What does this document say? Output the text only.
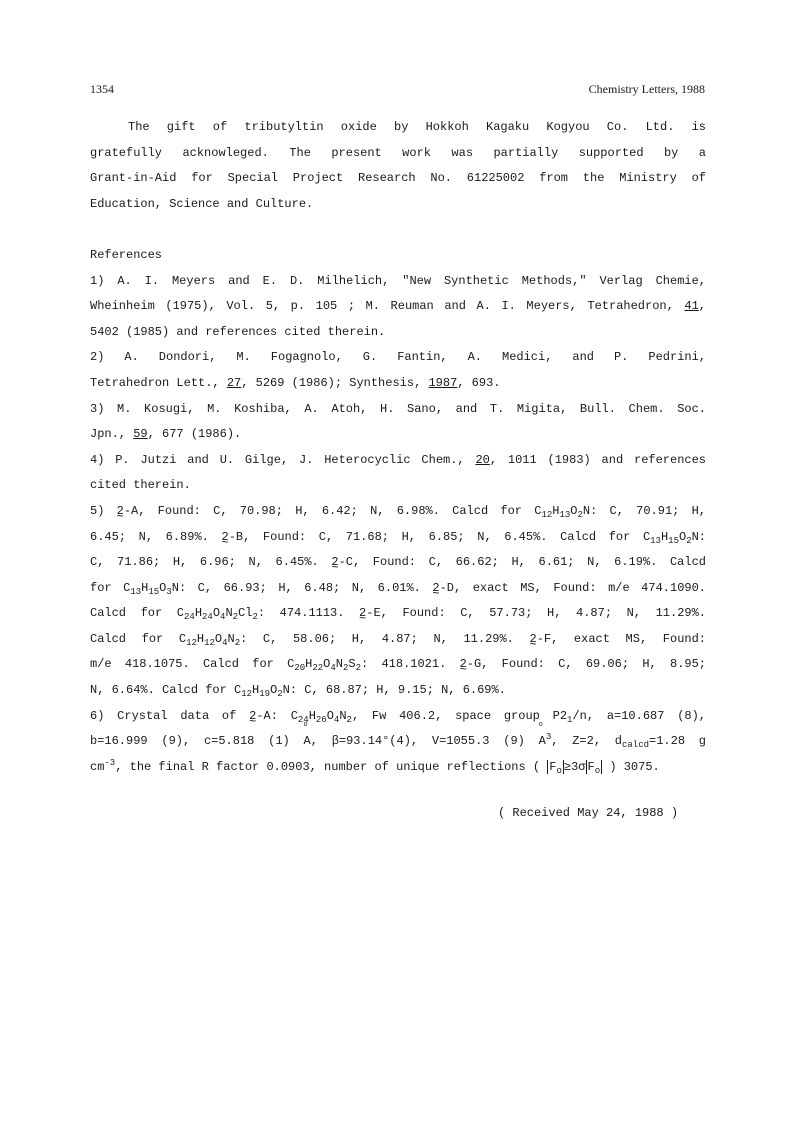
1354	Chemistry Letters, 1988
The gift of tributyltin oxide by Hokkoh Kagaku Kogyou Co. Ltd. is
gratefully acknowleged. The present work was partially supported by a
Grant-in-Aid for Special Project Research No. 61225002 from the Ministry of
Education, Science and Culture.
References
1) A. I. Meyers and E. D. Milhelich, "New Synthetic Methods," Verlag Chemie,
Wheinheim (1975), Vol. 5, p. 105 ; M. Reuman and A. I. Meyers, Tetrahedron, 41,
5402 (1985) and references cited therein.
2) A. Dondori, M. Fogagnolo, G. Fantin, A. Medici, and P. Pedrini,
Tetrahedron Lett., 27, 5269 (1986); Synthesis, 1987, 693.
3) M. Kosugi, M. Koshiba, A. Atoh, H. Sano, and T. Migita, Bull. Chem. Soc.
Jpn., 59, 677 (1986).
4) P. Jutzi and U. Gilge, J. Heterocyclic Chem., 20, 1011 (1983) and references
cited therein.
5) 2 ~-A, Found: C, 70.98; H, 6.42; N, 6.98%. Calcd for $C_{12}H_{13}O_2N$: C, 70.91; H,
6.45; N, 6.89%. 2 ~-B, Found: C, 71.68; H, 6.85; N, 6.45%. Calcd for $C_{13}H_{15}O_2N$:
C, 71.86; H, 6.96; N, 6.45%. 2 ~-C, Found: C, 66.62; H, 6.61; N, 6.19%. Calcd
for $C_{13}H_{15}O_3N$: C, 66.93; H, 6.48; N, 6.01%. 2 ~-D, exact MS, Found: m/e 474.1090.
Calcd for $C_{24}H_{24}O_4N_2Cl_2$: 474.1113. 2 ~-E, Found: C, 57.73; H, 4.87; N, 11.29%.
Calcd for $C_{12}H_{12}O_4N_2$: C, 58.06; H, 4.87; N, 11.29%. 2 ~-F, exact MS, Found:
m/e 418.1075. Calcd for $C_{20}H_{22}O_4N_2S_2$: 418.1021. 2 ~-G, Found: C, 69.06; H, 8.95;
N, 6.64%. Calcd for $C_{12}H_{19}O_2N$: C, 68.87; H, 9.15; N, 6.69%.
6) Crystal data of 2 ~-A: $C_{24}H_{26}O_4N_2$, Fw 406.2, space group $P2_1/n$, a=10.687 (8),
b=16.999 (9), c=5.818 (1) o A, β=93.14°(4), V=1055.3 (9) o $A^3$, Z=2, $d_{calcd}=1.28$ g
$cm^{-3}$, the final R factor 0.0903, number of unique reflections ( $F_o \ge 3\sigma$ $F_o$ ) 3075.
( Received May 24, 1988 )
